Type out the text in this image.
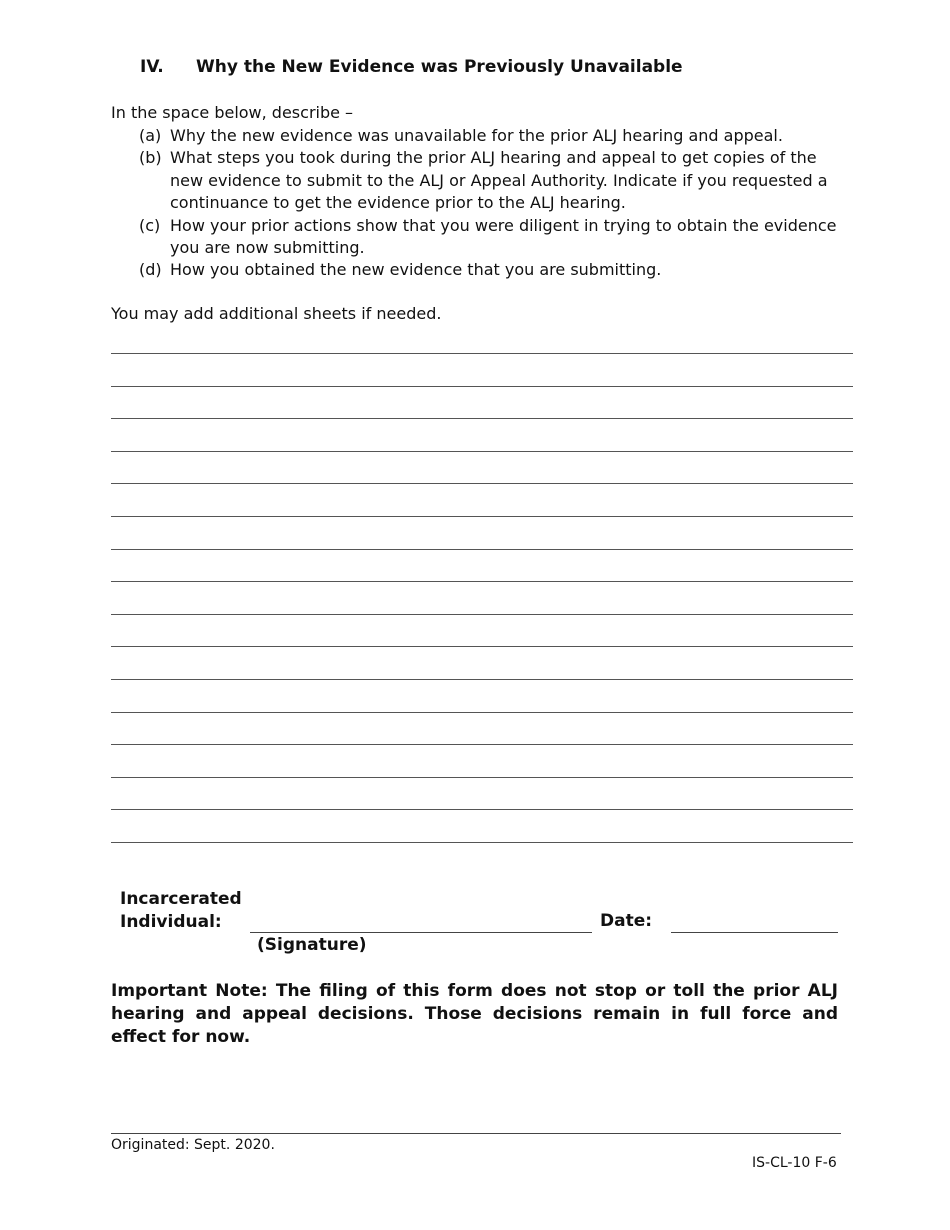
IV. Why the New Evidence was Previously Unavailable
In the space below, describe –
(a) Why the new evidence was unavailable for the prior ALJ hearing and appeal.
(b) What steps you took during the prior ALJ hearing and appeal to get copies of the new evidence to submit to the ALJ or Appeal Authority. Indicate if you requested a continuance to get the evidence prior to the ALJ hearing.
(c) How your prior actions show that you were diligent in trying to obtain the evidence you are now submitting.
(d) How you obtained the new evidence that you are submitting.
You may add additional sheets if needed.
Incarcerated
Individual:
(Signature)
Date:
Important Note: The filing of this form does not stop or toll the prior ALJ hearing and appeal decisions. Those decisions remain in full force and effect for now.
Originated: Sept. 2020.
IS-CL-10 F-6
